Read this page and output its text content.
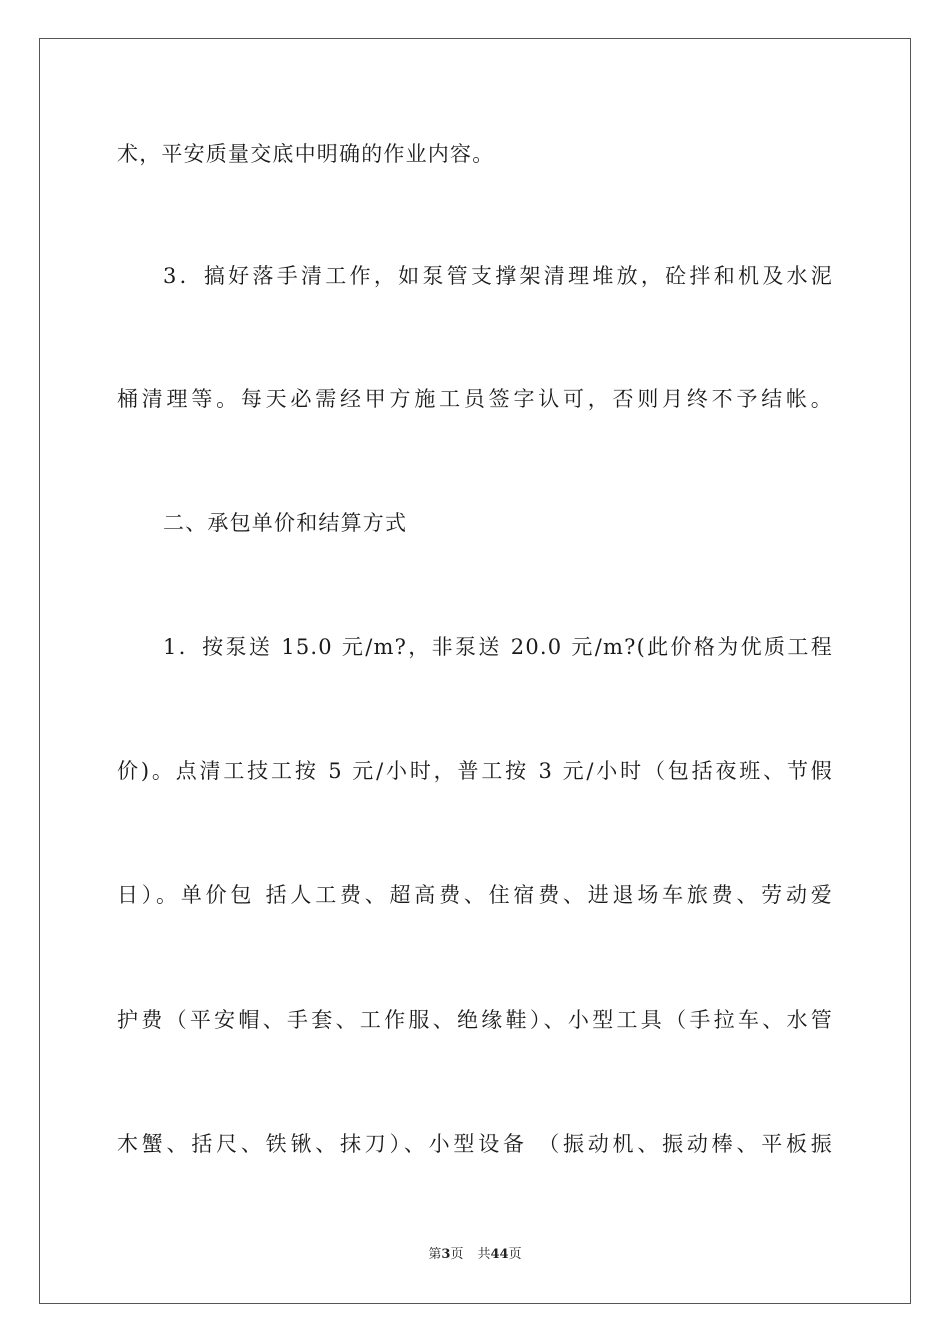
术，平安质量交底中明确的作业内容。
3．搞好落手清工作，如泵管支撑架清理堆放，砼拌和机及水泥
桶清理等。每天必需经甲方施工员签字认可，否则月终不予结帐。
二、承包单价和结算方式
1．按泵送 15.0 元/m?，非泵送 20.0 元/m?(此价格为优质工程
价)。点清工技工按 5 元/小时，普工按 3 元/小时（包括夜班、节假
日）。单价包 括人工费、超高费、住宿费、进退场车旅费、劳动爱
护费（平安帽、手套、工作服、绝缘鞋）、小型工具（手拉车、水管
木蟹、括尺、铁锹、抹刀）、小型设备 （振动机、振动棒、平板振
第3页 共44页
